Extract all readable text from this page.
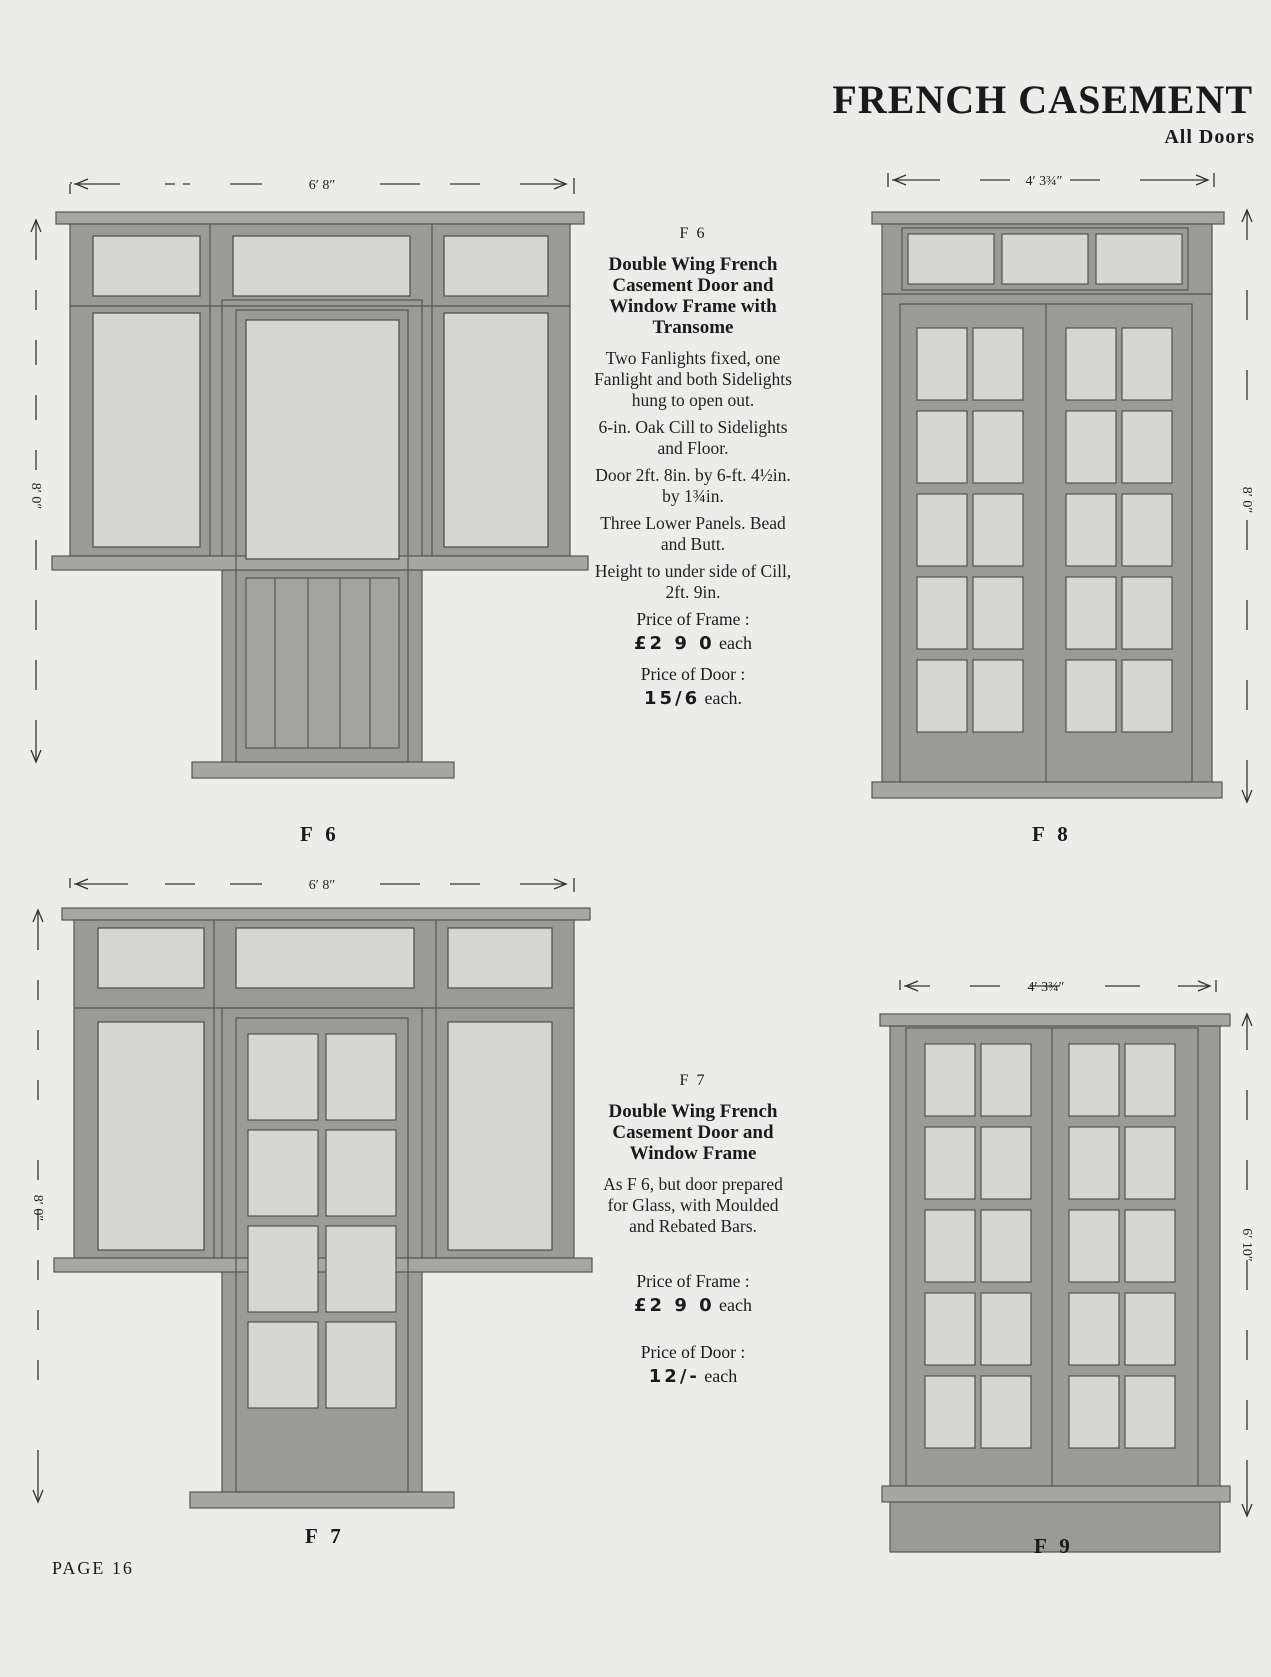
FRENCH CASEMENT
All Doors
6′ 8″
8′ 0″
F 6
F 6
Double Wing French Casement Door and Window Frame with Transome
Two Fanlights fixed, one Fanlight and both Sidelights hung to open out.
6-in. Oak Cill to Sidelights and Floor.
Door 2ft. 8in. by 6-ft. 4½in. by 1¾in.
Three Lower Panels. Bead and Butt.
Height to under side of Cill, 2ft. 9in.
Price of Frame :
£2 9 0 each
Price of Door :
15/6 each.
4′ 3¾″
8′ 0″
F 8
6′ 8″
8′ 0″
F 7
F 7
Double Wing French Casement Door and Window Frame
As F 6, but door prepared for Glass, with Moulded and Rebated Bars.
Price of Frame :
£2 9 0 each
Price of Door :
12/- each
4′ 3¾″
6′ 10″
F 9
PAGE 16
